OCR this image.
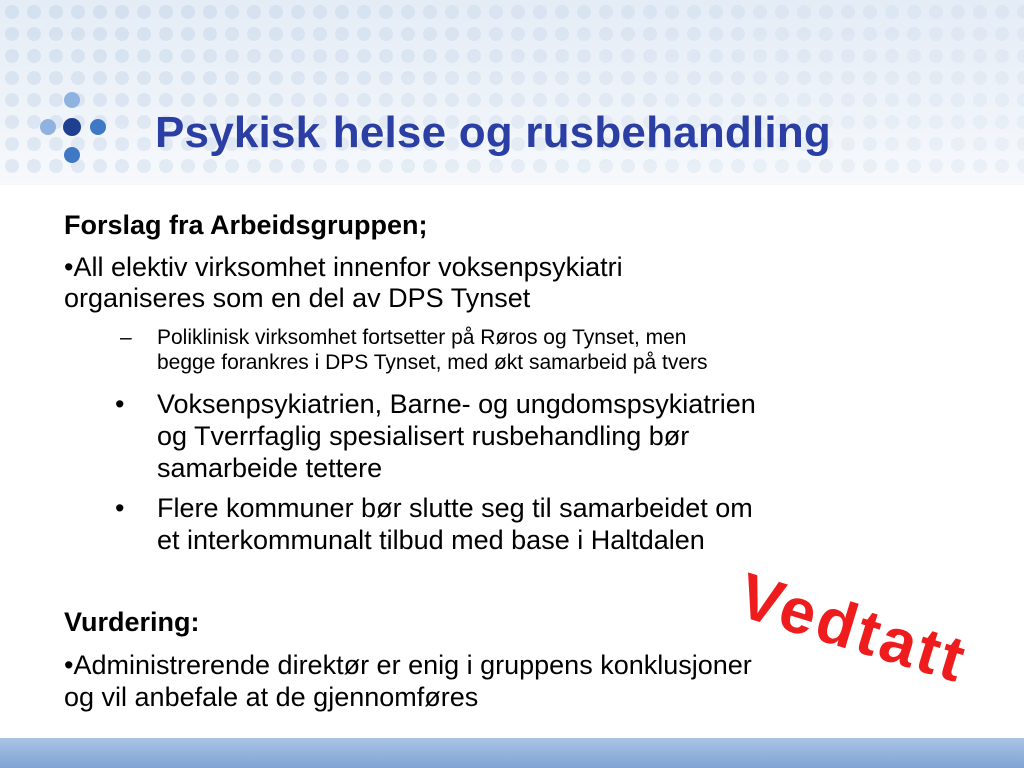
Psykisk helse og rusbehandling
Forslag fra Arbeidsgruppen;
•All elektiv virksomhet innenfor voksenpsykiatri
organiseres som en del av DPS Tynset
– Poliklinisk virksomhet fortsetter på Røros og Tynset, men
begge forankres i DPS Tynset, med økt samarbeid på tvers
• Voksenpsykiatrien, Barne- og ungdomspsykiatrien
og Tverrfaglig spesialisert rusbehandling bør
samarbeide tettere
• Flere kommuner bør slutte seg til samarbeidet om
et interkommunalt tilbud med base i Haltdalen
Vurdering:
•Administrerende direktør er enig i gruppens konklusjoner
og vil anbefale at de gjennomføres
Vedtatt
